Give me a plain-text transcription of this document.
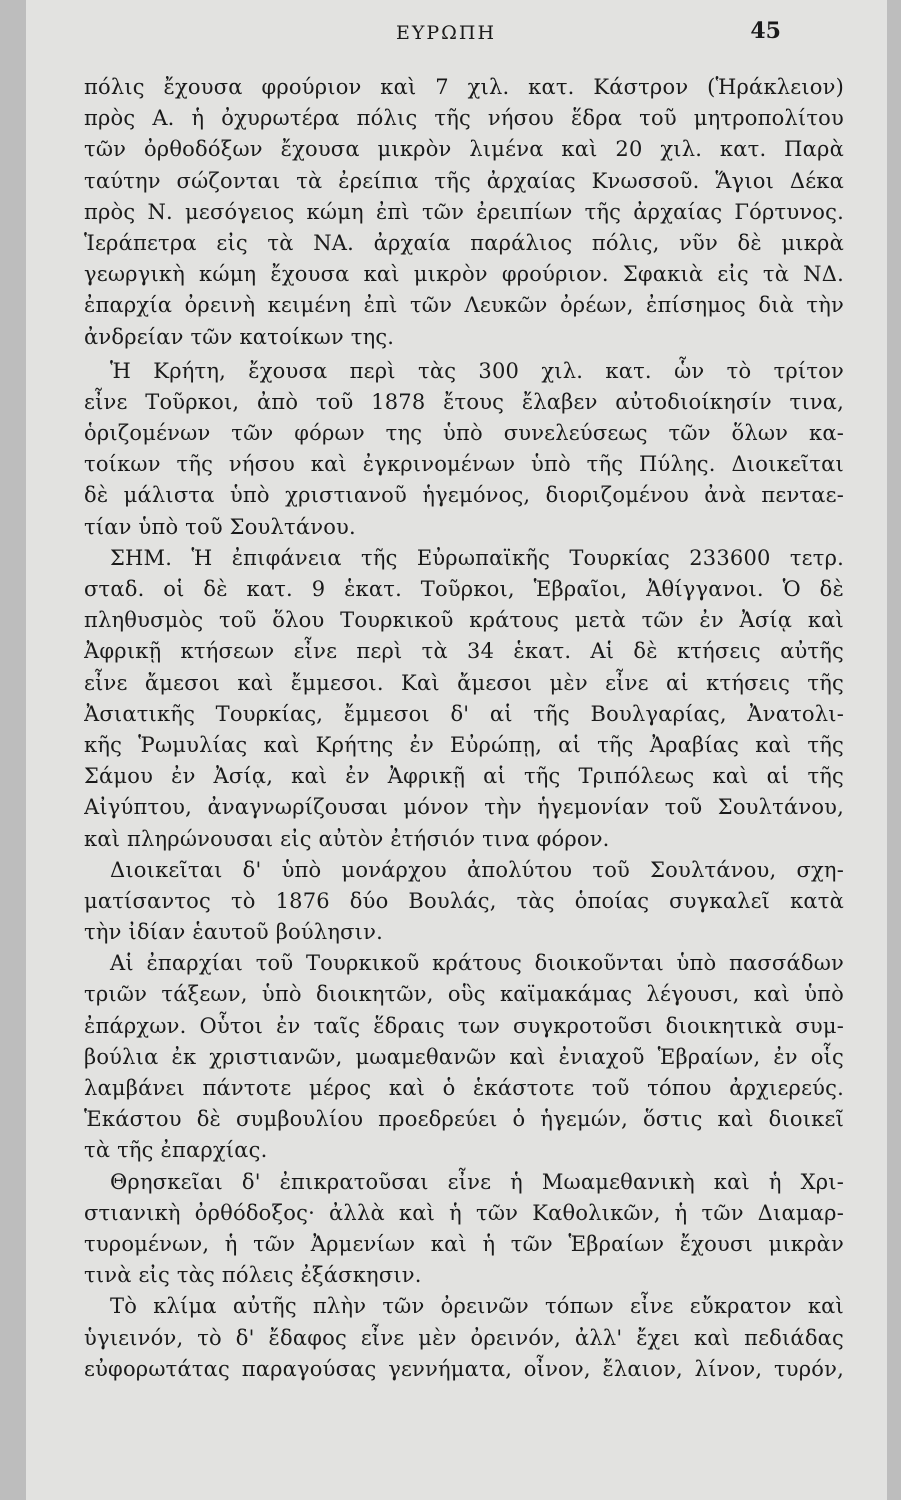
ΕΥΡΩΠΗ	45
πόλις ἔχουσα φρούριον καὶ 7 χιλ. κατ. Κάστρον (Ἡράκλειον)
πρὸς Α. ἡ ὀχυρωτέρα πόλις τῆς νήσου ἕδρα τοῦ μητροπολίτου
τῶν ὀρθοδόξων ἔχουσα μικρὸν λιμένα καὶ 20 χιλ. κατ. Παρὰ
ταύτην σώζονται τὰ ἐρείπια τῆς ἀρχαίας Κνωσσοῦ. Ἅγιοι Δέκα
πρὸς Ν. μεσόγειος κώμη ἐπὶ τῶν ἐρειπίων τῆς ἀρχαίας Γόρτυνος.
Ἱεράπετρα εἰς τὰ ΝΑ. ἀρχαία παράλιος πόλις, νῦν δὲ μικρὰ
γεωργικὴ κώμη ἔχουσα καὶ μικρὸν φρούριον. Σφακιὰ εἰς τὰ ΝΔ.
ἐπαρχία ὀρεινὴ κειμένη ἐπὶ τῶν Λευκῶν ὀρέων, ἐπίσημος διὰ τὴν
ἀνδρείαν τῶν κατοίκων της.
Ἡ Κρήτη, ἔχουσα περὶ τὰς 300 χιλ. κατ. ὧν τὸ τρίτον
εἶνε Τοῦρκοι, ἀπὸ τοῦ 1878 ἔτους ἔλαβεν αὐτοδιοίκησίν τινα,
ὁριζομένων τῶν φόρων της ὑπὸ συνελεύσεως τῶν ὅλων κα-
τοίκων τῆς νήσου καὶ ἐγκρινομένων ὑπὸ τῆς Πύλης. Διοικεῖται
δὲ μάλιστα ὑπὸ χριστιανοῦ ἡγεμόνος, διοριζομένου ἀνὰ πενταε-
τίαν ὑπὸ τοῦ Σουλτάνου.
ΣΗΜ. Ἡ ἐπιφάνεια τῆς Εὐρωπαϊκῆς Τουρκίας 233600 τετρ.
σταδ. οἱ δὲ κατ. 9 ἑκατ. Τοῦρκοι, Ἑβραῖοι, Ἀθίγγανοι. Ὁ δὲ
πληθυσμὸς τοῦ ὅλου Τουρκικοῦ κράτους μετὰ τῶν ἐν Ἀσίᾳ καὶ
Ἀφρικῇ κτήσεων εἶνε περὶ τὰ 34 ἑκατ. Αἱ δὲ κτήσεις αὐτῆς
εἶνε ἄμεσοι καὶ ἔμμεσοι. Καὶ ἄμεσοι μὲν εἶνε αἱ κτήσεις τῆς
Ἀσιατικῆς Τουρκίας, ἔμμεσοι δ' αἱ τῆς Βουλγαρίας, Ἀνατολι-
κῆς Ῥωμυλίας καὶ Κρήτης ἐν Εὐρώπῃ, αἱ τῆς Ἀραβίας καὶ τῆς
Σάμου ἐν Ἀσίᾳ, καὶ ἐν Ἀφρικῇ αἱ τῆς Τριπόλεως καὶ αἱ τῆς
Αἰγύπτου, ἀναγνωρίζουσαι μόνον τὴν ἡγεμονίαν τοῦ Σουλτάνου,
καὶ πληρώνουσαι εἰς αὐτὸν ἐτήσιόν τινα φόρον.
Διοικεῖται δ' ὑπὸ μονάρχου ἀπολύτου τοῦ Σουλτάνου, σχη-
ματίσαντος τὸ 1876 δύο Βουλάς, τὰς ὁποίας συγκαλεῖ κατὰ
τὴν ἰδίαν ἑαυτοῦ βούλησιν.
Αἱ ἐπαρχίαι τοῦ Τουρκικοῦ κράτους διοικοῦνται ὑπὸ πασσάδων
τριῶν τάξεων, ὑπὸ διοικητῶν, οὓς καϊμακάμας λέγουσι, καὶ ὑπὸ
ἐπάρχων. Οὗτοι ἐν ταῖς ἕδραις των συγκροτοῦσι διοικητικὰ συμ-
βούλια ἐκ χριστιανῶν, μωαμεθανῶν καὶ ἐνιαχοῦ Ἑβραίων, ἐν οἷς
λαμβάνει πάντοτε μέρος καὶ ὁ ἑκάστοτε τοῦ τόπου ἀρχιερεύς.
Ἑκάστου δὲ συμβουλίου προεδρεύει ὁ ἡγεμών, ὅστις καὶ διοικεῖ
τὰ τῆς ἐπαρχίας.
Θρησκεῖαι δ' ἐπικρατοῦσαι εἶνε ἡ Μωαμεθανικὴ καὶ ἡ Χρι-
στιανικὴ ὀρθόδοξος· ἀλλὰ καὶ ἡ τῶν Καθολικῶν, ἡ τῶν Διαμαρ-
τυρομένων, ἡ τῶν Ἀρμενίων καὶ ἡ τῶν Ἑβραίων ἔχουσι μικρὰν
τινὰ εἰς τὰς πόλεις ἐξάσκησιν.
Τὸ κλίμα αὐτῆς πλὴν τῶν ὀρεινῶν τόπων εἶνε εὔκρατον καὶ
ὑγιεινόν, τὸ δ' ἔδαφος εἶνε μὲν ὀρεινόν, ἀλλ' ἔχει καὶ πεδιάδας
εὐφορωτάτας παραγούσας γεννήματα, οἶνον, ἔλαιον, λίνον, τυρόν,
